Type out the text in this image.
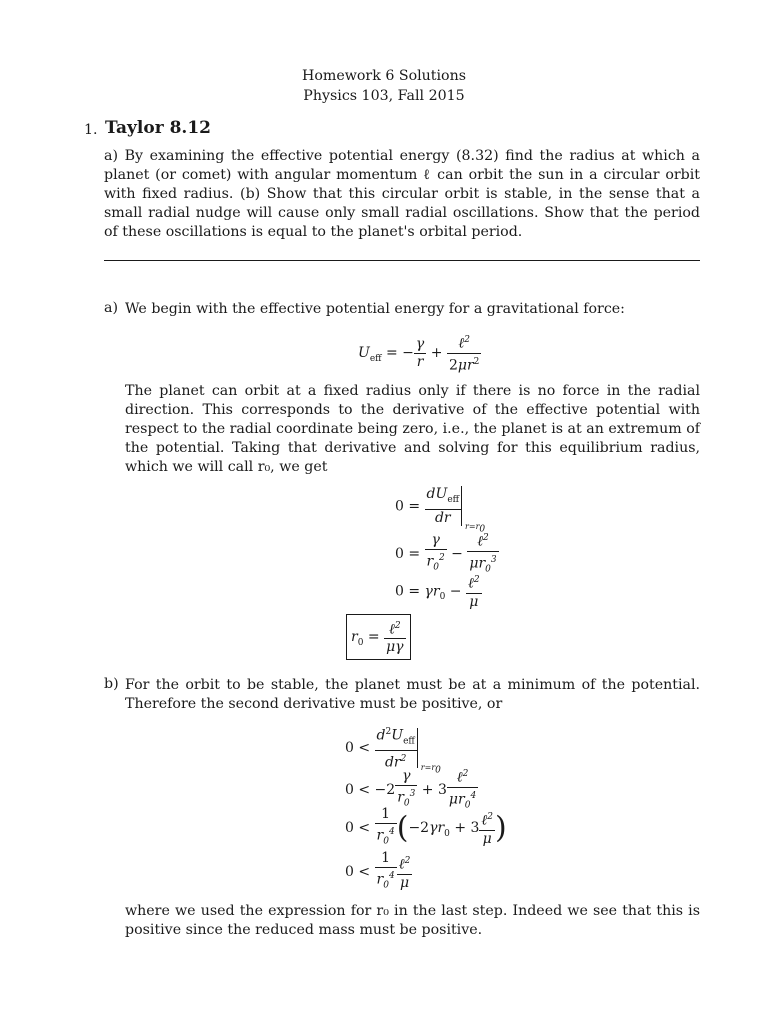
Homework 6 Solutions
Physics 103, Fall 2015
1. Taylor 8.12
a) By examining the effective potential energy (8.32) find the radius at which a planet (or comet) with angular momentum ℓ can orbit the sun in a circular orbit with fixed radius. (b) Show that this circular orbit is stable, in the sense that a small radial nudge will cause only small radial oscillations. Show that the period of these oscillations is equal to the planet's orbital period.
a) We begin with the effective potential energy for a gravitational force:
$U_{eff}$ = − $\frac{\gamma}{r} + \frac{\ell^2}{2\mu r^2}$
The planet can orbit at a fixed radius only if there is no force in the radial direction. This corresponds to the derivative of the effective potential with respect to the radial coordinate being zero, i.e., the planet is at an extremum of the potential. Taking that derivative and solving for this equilibrium radius, which we will call r₀, we get
$0 = \frac{dU_{eff}}{dr} r=r_0$
$0 = \frac{\gamma}{r_0^2} - \frac{\ell^2}{\mu r_0^3}$
$0 = \gamma r_0 - \frac{\ell^2}{\mu}$
$r_0 = \frac{\ell^2}{\mu\gamma}$
b) For the orbit to be stable, the planet must be at a minimum of the potential. Therefore the second derivative must be positive, or
$0 < \frac{d^2U_{eff}}{dr^2} r=r_0$
$0 < -2 \frac{\gamma}{r_0^3} + 3 \frac{\ell^2}{\mu r_0^4}$
$0 < \frac{1}{r_0^4} (-2\gamma r_0 + 3 \frac{\ell^2}{\mu}$ )
$0 < \frac{1}{r_0^4} \frac{\ell^2}{\mu}$
where we used the expression for r₀ in the last step. Indeed we see that this is positive since the reduced mass must be positive.
